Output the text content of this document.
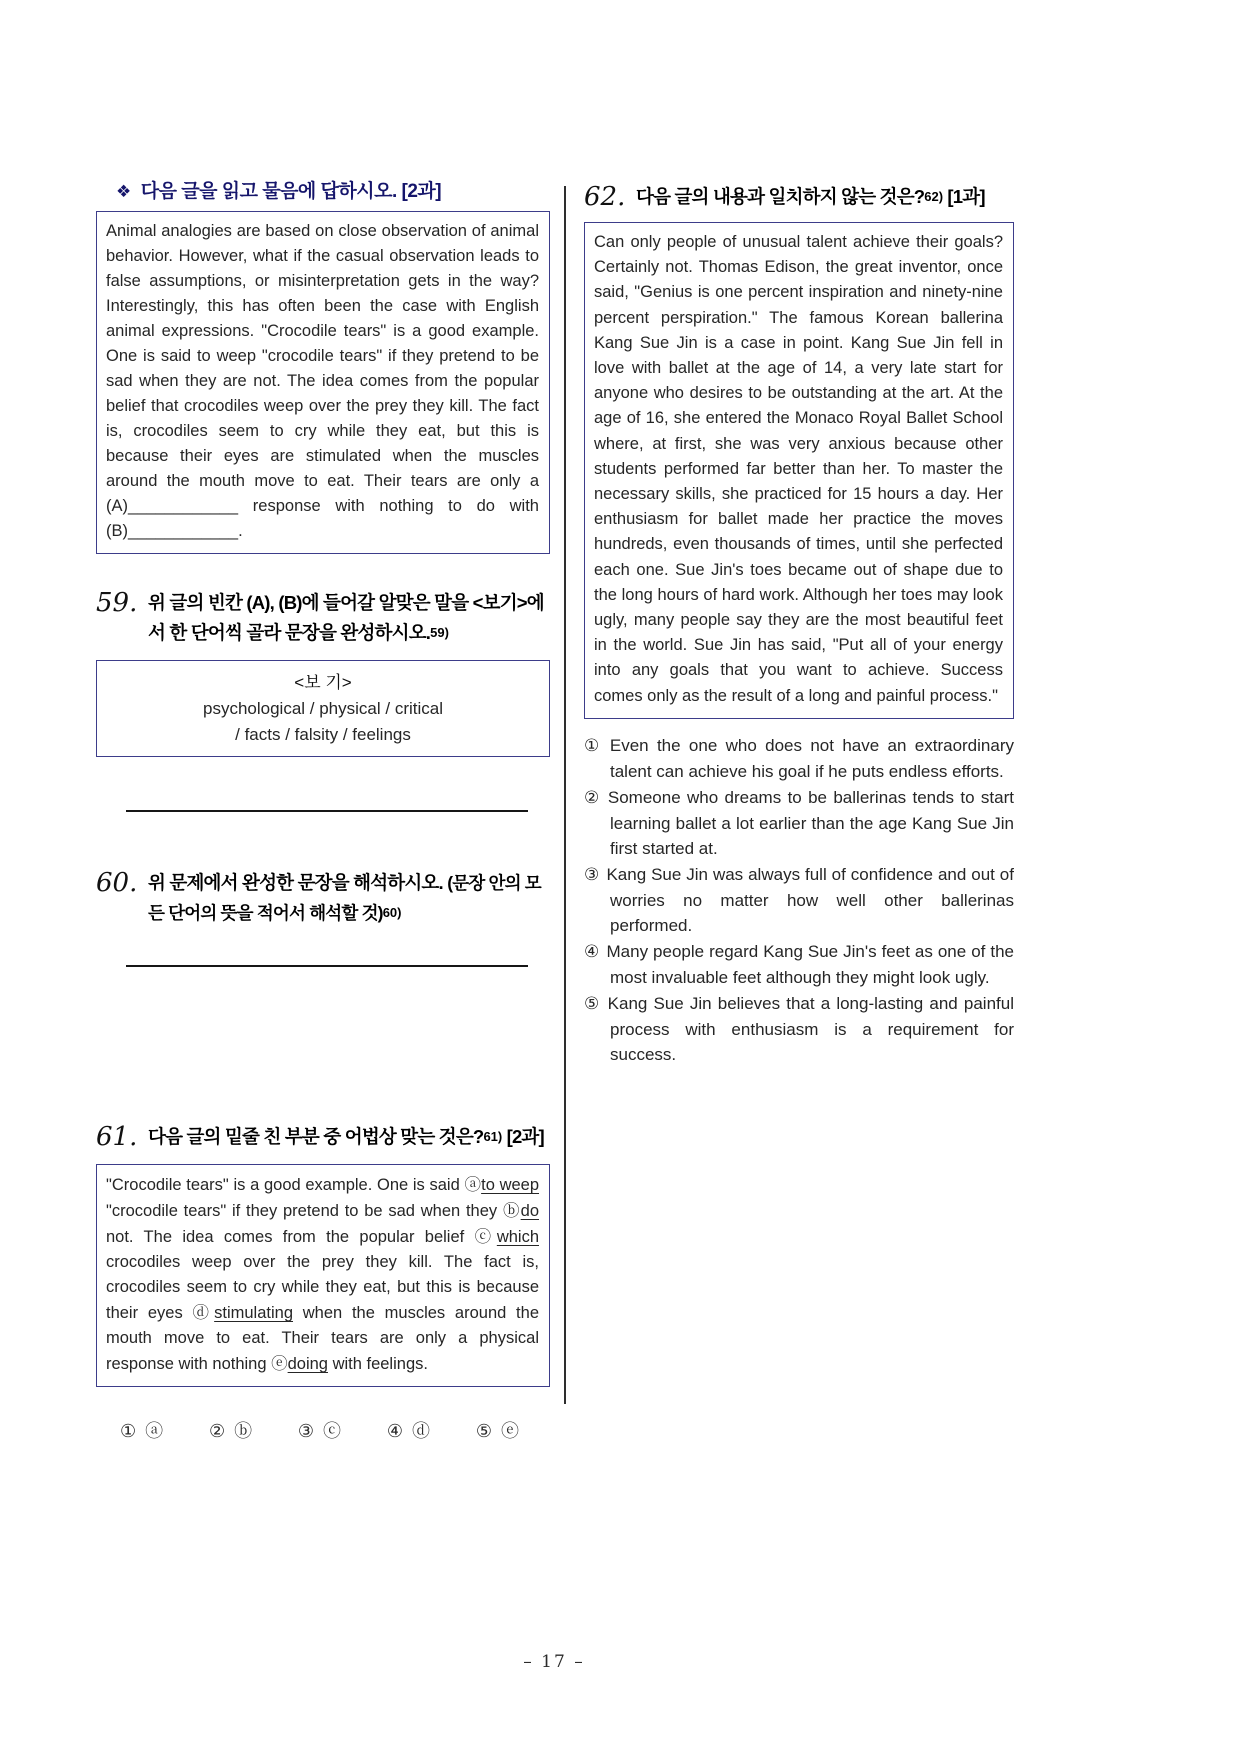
❖ 다음 글을 읽고 물음에 답하시오. [2과]
Animal analogies are based on close observation of animal behavior. However, what if the casual observation leads to false assumptions, or misinterpretation gets in the way? Interestingly, this has often been the case with English animal expressions. "Crocodile tears" is a good example. One is said to weep "crocodile tears" if they pretend to be sad when they are not. The idea comes from the popular belief that crocodiles weep over the prey they kill. The fact is, crocodiles seem to cry while they eat, but this is because their eyes are stimulated when the muscles around the mouth move to eat. Their tears are only a (A)____________ response with nothing to do with (B)____________.
59. 위 글의 빈칸 (A), (B)에 들어갈 알맞은 말을 <보기>에서 한 단어씩 골라 문장을 완성하시오.59)
<보 기>
psychological / physical / critical
/ facts / falsity / feelings
60. 위 문제에서 완성한 문장을 해석하시오. (문장 안의 모든 단어의 뜻을 적어서 해석할 것)60)
61. 다음 글의 밑줄 친 부분 중 어법상 맞는 것은?61) [2과]
"Crocodile tears" is a good example. One is said ⓐto weep "crocodile tears" if they pretend to be sad when they ⓑdo not. The idea comes from the popular belief ⓒwhich crocodiles weep over the prey they kill. The fact is, crocodiles seem to cry while they eat, but this is because their eyes ⓓstimulating when the muscles around the mouth move to eat. Their tears are only a physical response with nothing ⓔdoing with feelings.
① ⓐ	② ⓑ	③ ⓒ	④ ⓓ	⑤ ⓔ
62. 다음 글의 내용과 일치하지 않는 것은?62) [1과]
Can only people of unusual talent achieve their goals? Certainly not. Thomas Edison, the great inventor, once said, "Genius is one percent inspiration and ninety-nine percent perspiration." The famous Korean ballerina Kang Sue Jin is a case in point. Kang Sue Jin fell in love with ballet at the age of 14, a very late start for anyone who desires to be outstanding at the art. At the age of 16, she entered the Monaco Royal Ballet School where, at first, she was very anxious because other students performed far better than her. To master the necessary skills, she practiced for 15 hours a day. Her enthusiasm for ballet made her practice the moves hundreds, even thousands of times, until she perfected each one. Sue Jin's toes became out of shape due to the long hours of hard work. Although her toes may look ugly, many people say they are the most beautiful feet in the world. Sue Jin has said, "Put all of your energy into any goals that you want to achieve. Success comes only as the result of a long and painful process."
① Even the one who does not have an extraordinary talent can achieve his goal if he puts endless efforts.
② Someone who dreams to be ballerinas tends to start learning ballet a lot earlier than the age Kang Sue Jin first started at.
③ Kang Sue Jin was always full of confidence and out of worries no matter how well other ballerinas performed.
④ Many people regard Kang Sue Jin's feet as one of the most invaluable feet although they might look ugly.
⑤ Kang Sue Jin believes that a long-lasting and painful process with enthusiasm is a requirement for success.
– 17 –
